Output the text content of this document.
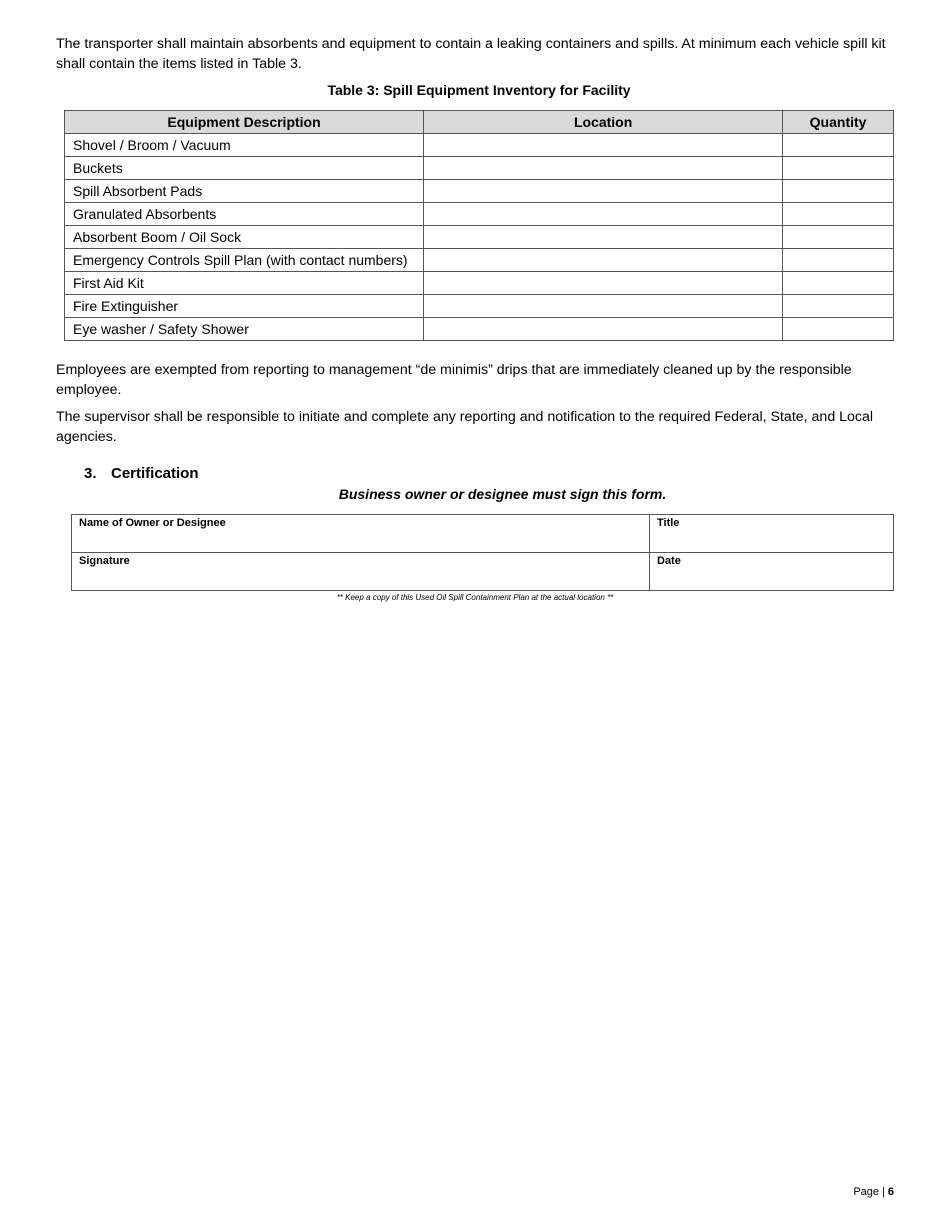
The transporter shall maintain absorbents and equipment to contain a leaking containers and spills. At minimum each vehicle spill kit shall contain the items listed in Table 3.

Table 3: Spill Equipment Inventory for Facility
Equipment Description	Location	Quantity
Shovel / Broom / Vacuum		
Buckets		
Spill Absorbent Pads		
Granulated Absorbents		
Absorbent Boom / Oil Sock		
Emergency Controls Spill Plan (with contact numbers)		
First Aid Kit		
Fire Extinguisher		
Eye washer / Safety Shower		

Employees are exempted from reporting to management “de minimis” drips that are immediately cleaned up by the responsible employee.

The supervisor shall be responsible to initiate and complete any reporting and notification to the required Federal, State, and Local agencies.

3. Certification
Business owner or designee must sign this form.
Name of Owner or Designee	Title
Signature	Date
** Keep a copy of this Used Oil Spill Containment Plan at the actual location **
Page | 6
